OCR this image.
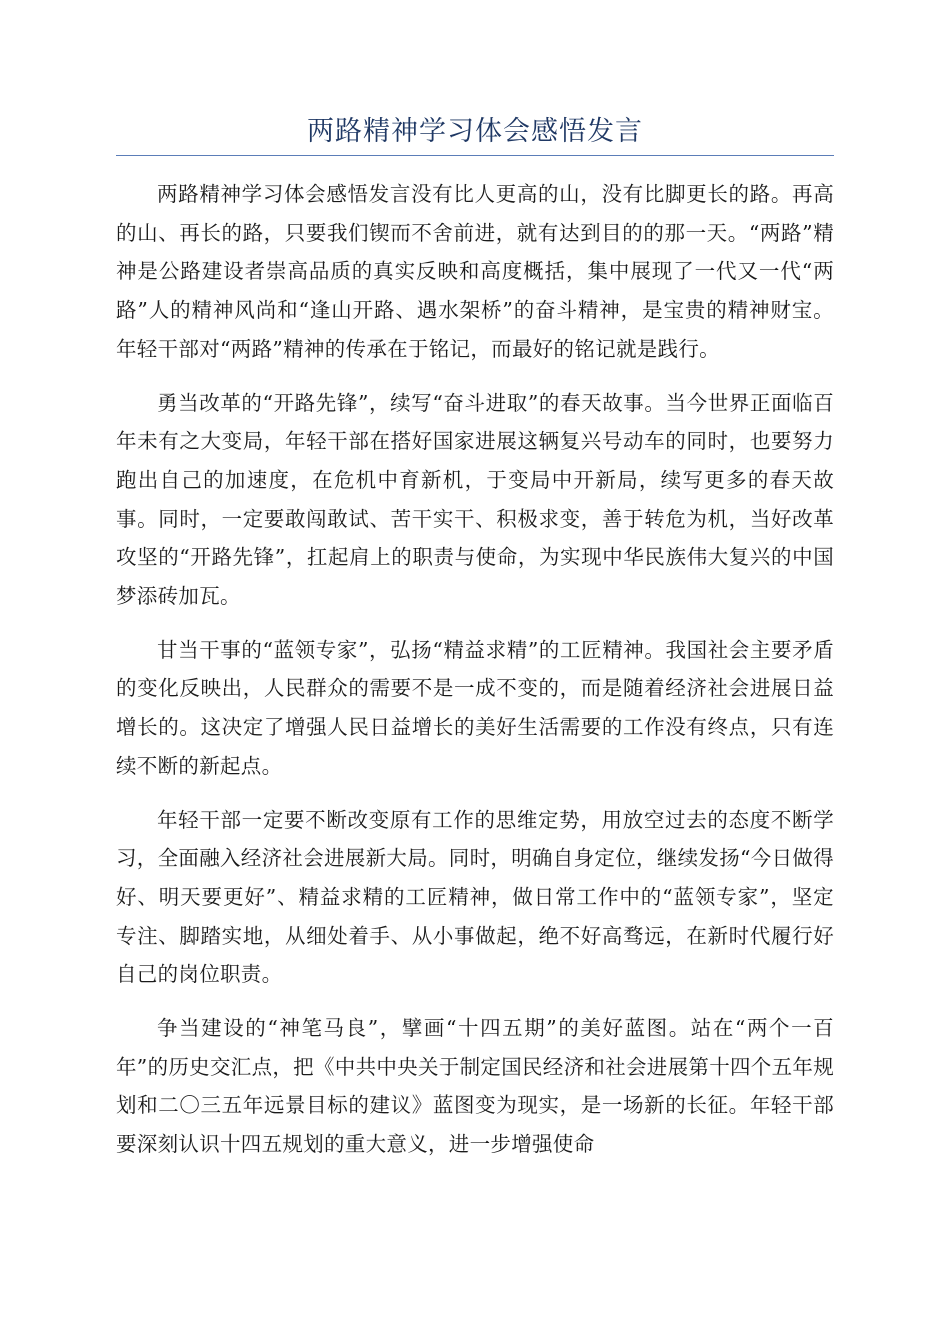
两路精神学习体会感悟发言

两路精神学习体会感悟发言没有比人更高的山，没有比脚更长的路。再高的山、再长的路，只要我们锲而不舍前进，就有达到目的的那一天。“两路”精神是公路建设者崇高品质的真实反映和高度概括，集中展现了一代又一代“两路”人的精神风尚和“逢山开路、遇水架桥”的奋斗精神，是宝贵的精神财宝。年轻干部对“两路”精神的传承在于铭记，而最好的铭记就是践行。

勇当改革的“开路先锋”，续写“奋斗进取”的春天故事。当今世界正面临百年未有之大变局，年轻干部在搭好国家进展这辆复兴号动车的同时，也要努力跑出自己的加速度，在危机中育新机，于变局中开新局，续写更多的春天故事。同时，一定要敢闯敢试、苦干实干、积极求变，善于转危为机，当好改革攻坚的“开路先锋”，扛起肩上的职责与使命，为实现中华民族伟大复兴的中国梦添砖加瓦。

甘当干事的“蓝领专家”，弘扬“精益求精”的工匠精神。我国社会主要矛盾的变化反映出，人民群众的需要不是一成不变的，而是随着经济社会进展日益增长的。这决定了增强人民日益增长的美好生活需要的工作没有终点，只有连续不断的新起点。

年轻干部一定要不断改变原有工作的思维定势，用放空过去的态度不断学习，全面融入经济社会进展新大局。同时，明确自身定位，继续发扬“今日做得好、明天要更好”、精益求精的工匠精神，做日常工作中的“蓝领专家”，坚定专注、脚踏实地，从细处着手、从小事做起，绝不好高骛远，在新时代履行好自己的岗位职责。

争当建设的“神笔马良”，擘画“十四五期”的美好蓝图。站在“两个一百年”的历史交汇点，把《中共中央关于制定国民经济和社会进展第十四个五年规划和二〇三五年远景目标的建议》蓝图变为现实，是一场新的长征。年轻干部要深刻认识十四五规划的重大意义，进一步增强使命
